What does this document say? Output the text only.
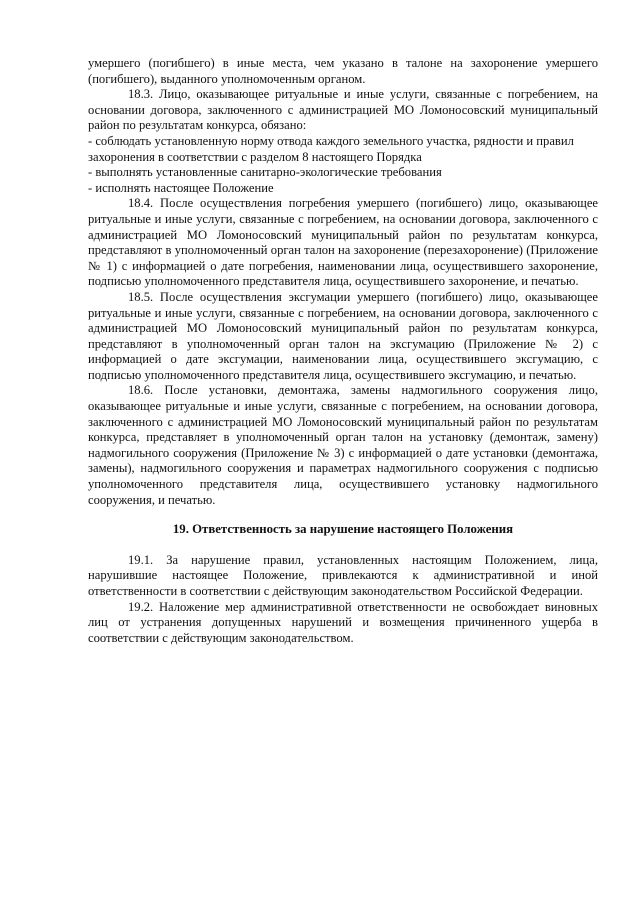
умершего (погибшего) в иные места, чем указано в талоне на захоронение умершего (погибшего), выданного уполномоченным органом.

18.3. Лицо, оказывающее ритуальные и иные услуги, связанные с погребением, на основании договора, заключенного с администрацией МО Ломоносовский муниципальный район по результатам конкурса, обязано:

- соблюдать установленную норму отвода каждого земельного участка, рядности и правил захоронения в соответствии с разделом 8 настоящего Порядка

- выполнять установленные санитарно-экологические требования

- исполнять настоящее Положение

18.4. После осуществления погребения умершего (погибшего) лицо, оказывающее ритуальные и иные услуги, связанные с погребением, на основании договора, заключенного с администрацией МО Ломоносовский муниципальный район по результатам конкурса, представляют в уполномоченный орган талон на захоронение (перезахоронение) (Приложение № 1) с информацией о дате погребения, наименовании лица, осуществившего захоронение, подписью уполномоченного представителя лица, осуществившего захоронение, и печатью.

18.5. После осуществления эксгумации умершего (погибшего) лицо, оказывающее ритуальные и иные услуги, связанные с погребением, на основании договора, заключенного с администрацией МО Ломоносовский муниципальный район по результатам конкурса, представляют в уполномоченный орган талон на эксгумацию (Приложение № 2) с информацией о дате эксгумации, наименовании лица, осуществившего эксгумацию, с подписью уполномоченного представителя лица, осуществившего эксгумацию, и печатью.

18.6. После установки, демонтажа, замены надмогильного сооружения лицо, оказывающее ритуальные и иные услуги, связанные с погребением, на основании договора, заключенного с администрацией МО Ломоносовский муниципальный район по результатам конкурса, представляет в уполномоченный орган талон на установку (демонтаж, замену) надмогильного сооружения (Приложение № 3) с информацией о дате установки (демонтажа, замены), надмогильного сооружения и параметрах надмогильного сооружения с подписью уполномоченного представителя лица, осуществившего установку надмогильного сооружения, и печатью.

19. Ответственность за нарушение настоящего Положения

19.1. За нарушение правил, установленных настоящим Положением, лица, нарушившие настоящее Положение, привлекаются к административной и иной ответственности в соответствии с действующим законодательством Российской Федерации.

19.2. Наложение мер административной ответственности не освобождает виновных лиц от устранения допущенных нарушений и возмещения причиненного ущерба в соответствии с действующим законодательством.
